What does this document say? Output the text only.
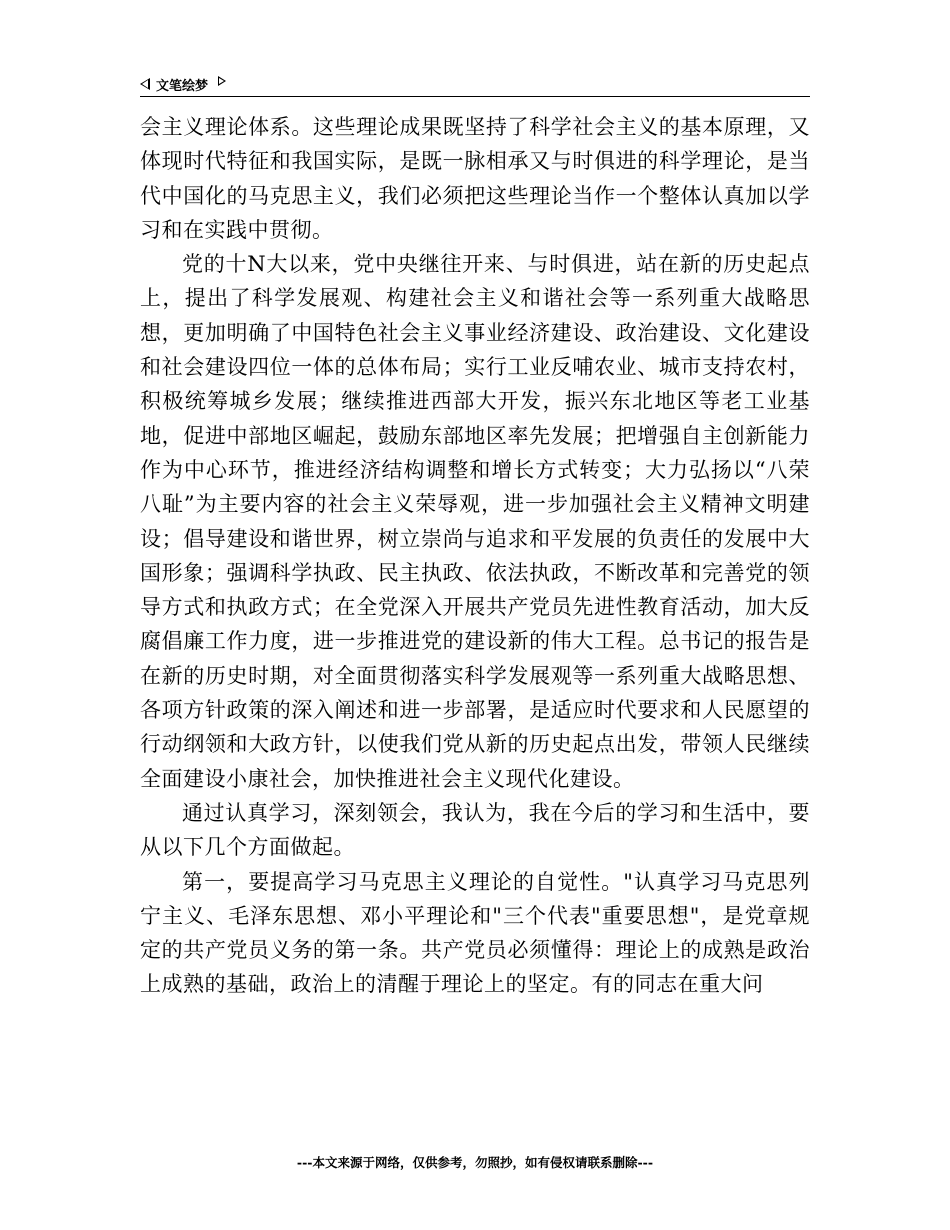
文笔绘梦

会主义理论体系。这些理论成果既坚持了科学社会主义的基本原理，又体现时代特征和我国实际，是既一脉相承又与时俱进的科学理论，是当代中国化的马克思主义，我们必须把这些理论当作一个整体认真加以学习和在实践中贯彻。

党的十N大以来，党中央继往开来、与时俱进，站在新的历史起点上，提出了科学发展观、构建社会主义和谐社会等一系列重大战略思想，更加明确了中国特色社会主义事业经济建设、政治建设、文化建设和社会建设四位一体的总体布局；实行工业反哺农业、城市支持农村，积极统筹城乡发展；继续推进西部大开发，振兴东北地区等老工业基地，促进中部地区崛起，鼓励东部地区率先发展；把增强自主创新能力作为中心环节，推进经济结构调整和增长方式转变；大力弘扬以“八荣八耻”为主要内容的社会主义荣辱观，进一步加强社会主义精神文明建设；倡导建设和谐世界，树立崇尚与追求和平发展的负责任的发展中大国形象；强调科学执政、民主执政、依法执政，不断改革和完善党的领导方式和执政方式；在全党深入开展共产党员先进性教育活动，加大反腐倡廉工作力度，进一步推进党的建设新的伟大工程。总书记的报告是在新的历史时期，对全面贯彻落实科学发展观等一系列重大战略思想、各项方针政策的深入阐述和进一步部署，是适应时代要求和人民愿望的行动纲领和大政方针，以使我们党从新的历史起点出发，带领人民继续全面建设小康社会，加快推进社会主义现代化建设。

通过认真学习，深刻领会，我认为，我在今后的学习和生活中，要从以下几个方面做起。

第一，要提高学习马克思主义理论的自觉性。"认真学习马克思列宁主义、毛泽东思想、邓小平理论和"三个代表"重要思想"，是党章规定的共产党员义务的第一条。共产党员必须懂得：理论上的成熟是政治上成熟的基础，政治上的清醒于理论上的坚定。有的同志在重大问

---本文来源于网络，仅供参考，勿照抄，如有侵权请联系删除---
